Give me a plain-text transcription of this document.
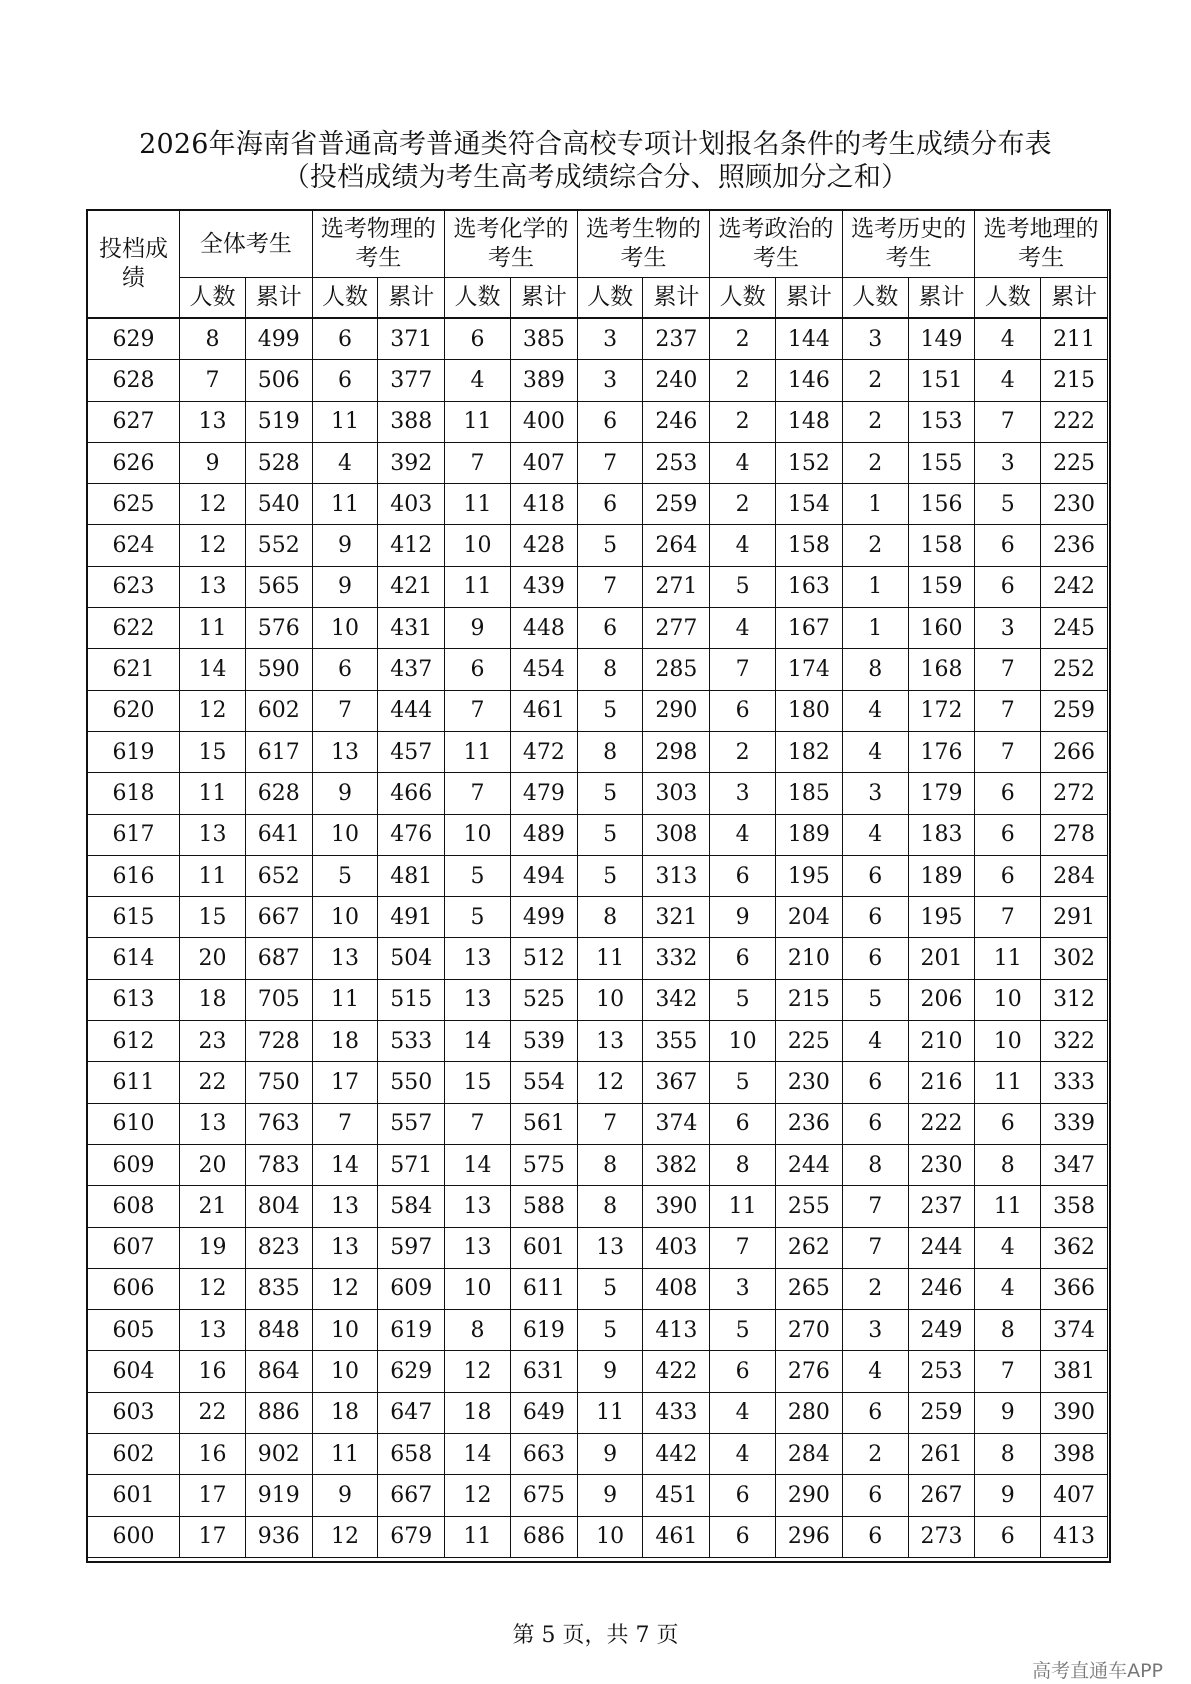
2026年海南省普通高考普通类符合高校专项计划报名条件的考生成绩分布表
（投档成绩为考生高考成绩综合分、照顾加分之和）
投档成绩	全体考生		选考物理的考生		选考化学的考生		选考生物的考生		选考政治的考生		选考历史的考生		选考地理的考生	
	人数	累计	人数	累计	人数	累计	人数	累计	人数	累计	人数	累计	人数	累计
629	8	499	6	371	6	385	3	237	2	144	3	149	4	211
628	7	506	6	377	4	389	3	240	2	146	2	151	4	215
627	13	519	11	388	11	400	6	246	2	148	2	153	7	222
626	9	528	4	392	7	407	7	253	4	152	2	155	3	225
625	12	540	11	403	11	418	6	259	2	154	1	156	5	230
624	12	552	9	412	10	428	5	264	4	158	2	158	6	236
623	13	565	9	421	11	439	7	271	5	163	1	159	6	242
622	11	576	10	431	9	448	6	277	4	167	1	160	3	245
621	14	590	6	437	6	454	8	285	7	174	8	168	7	252
620	12	602	7	444	7	461	5	290	6	180	4	172	7	259
619	15	617	13	457	11	472	8	298	2	182	4	176	7	266
618	11	628	9	466	7	479	5	303	3	185	3	179	6	272
617	13	641	10	476	10	489	5	308	4	189	4	183	6	278
616	11	652	5	481	5	494	5	313	6	195	6	189	6	284
615	15	667	10	491	5	499	8	321	9	204	6	195	7	291
614	20	687	13	504	13	512	11	332	6	210	6	201	11	302
613	18	705	11	515	13	525	10	342	5	215	5	206	10	312
612	23	728	18	533	14	539	13	355	10	225	4	210	10	322
611	22	750	17	550	15	554	12	367	5	230	6	216	11	333
610	13	763	7	557	7	561	7	374	6	236	6	222	6	339
609	20	783	14	571	14	575	8	382	8	244	8	230	8	347
608	21	804	13	584	13	588	8	390	11	255	7	237	11	358
607	19	823	13	597	13	601	13	403	7	262	7	244	4	362
606	12	835	12	609	10	611	5	408	3	265	2	246	4	366
605	13	848	10	619	8	619	5	413	5	270	3	249	8	374
604	16	864	10	629	12	631	9	422	6	276	4	253	7	381
603	22	886	18	647	18	649	11	433	4	280	6	259	9	390
602	16	902	11	658	14	663	9	442	4	284	2	261	8	398
601	17	919	9	667	12	675	9	451	6	290	6	267	9	407
600	17	936	12	679	11	686	10	461	6	296	6	273	6	413
第 5 页，共 7 页
高考直通车APP
